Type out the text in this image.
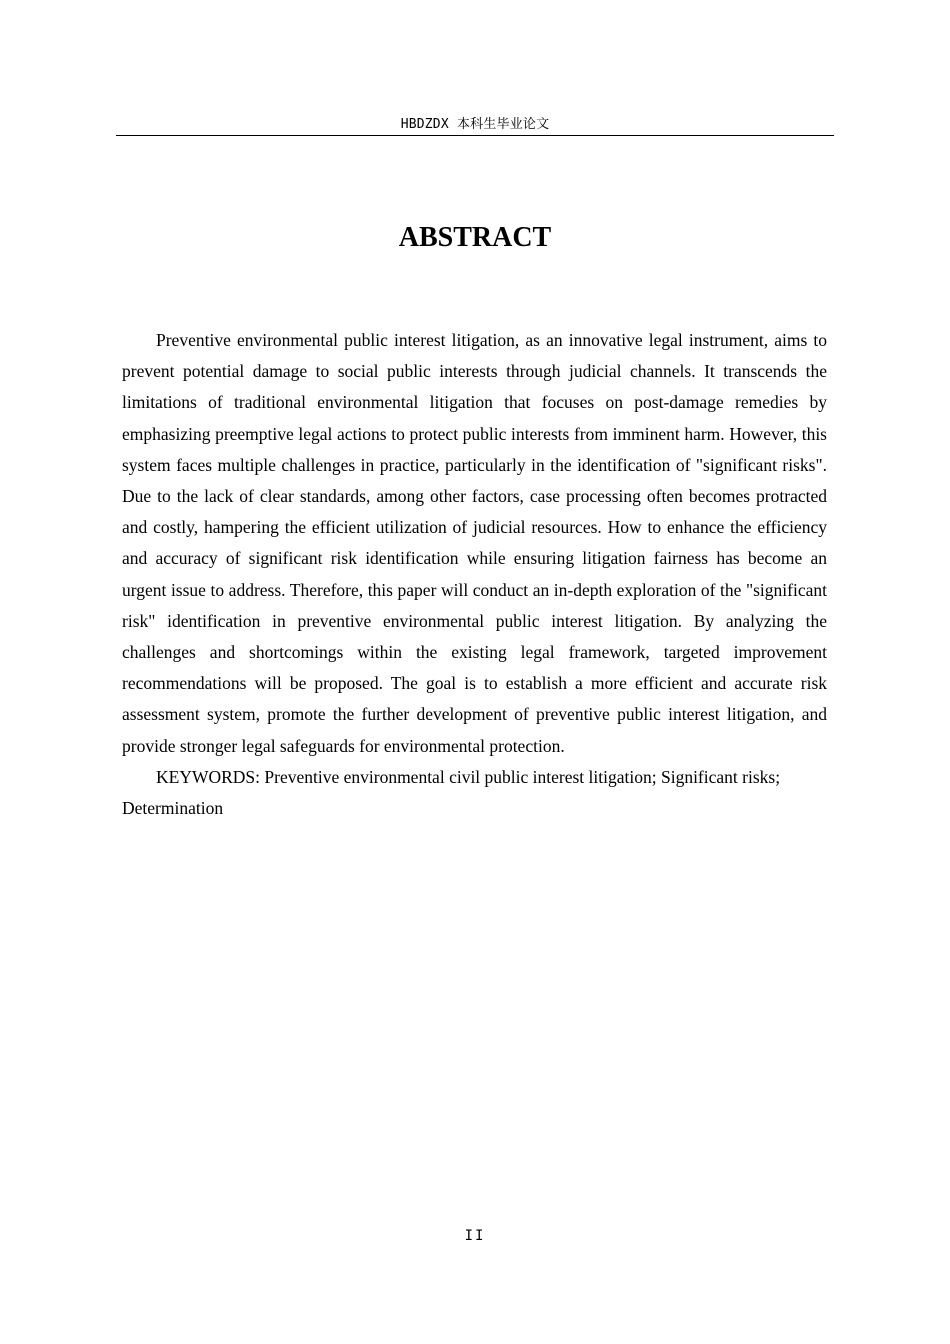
HBDZDX 本科生毕业论文
ABSTRACT

Preventive environmental public interest litigation, as an innovative legal instrument, aims to prevent potential damage to social public interests through judicial channels. It transcends the limitations of traditional environmental litigation that focuses on post-damage remedies by emphasizing preemptive legal actions to protect public interests from imminent harm. However, this system faces multiple challenges in practice, particularly in the identification of "significant risks". Due to the lack of clear standards, among other factors, case processing often becomes protracted and costly, hampering the efficient utilization of judicial resources. How to enhance the efficiency and accuracy of significant risk identification while ensuring litigation fairness has become an urgent issue to address. Therefore, this paper will conduct an in-depth exploration of the "significant risk" identification in preventive environmental public interest litigation. By analyzing the challenges and shortcomings within the existing legal framework, targeted improvement recommendations will be proposed. The goal is to establish a more efficient and accurate risk assessment system, promote the further development of preventive public interest litigation, and provide stronger legal safeguards for environmental protection.

KEYWORDS: Preventive environmental civil public interest litigation; Significant risks; Determination

II
